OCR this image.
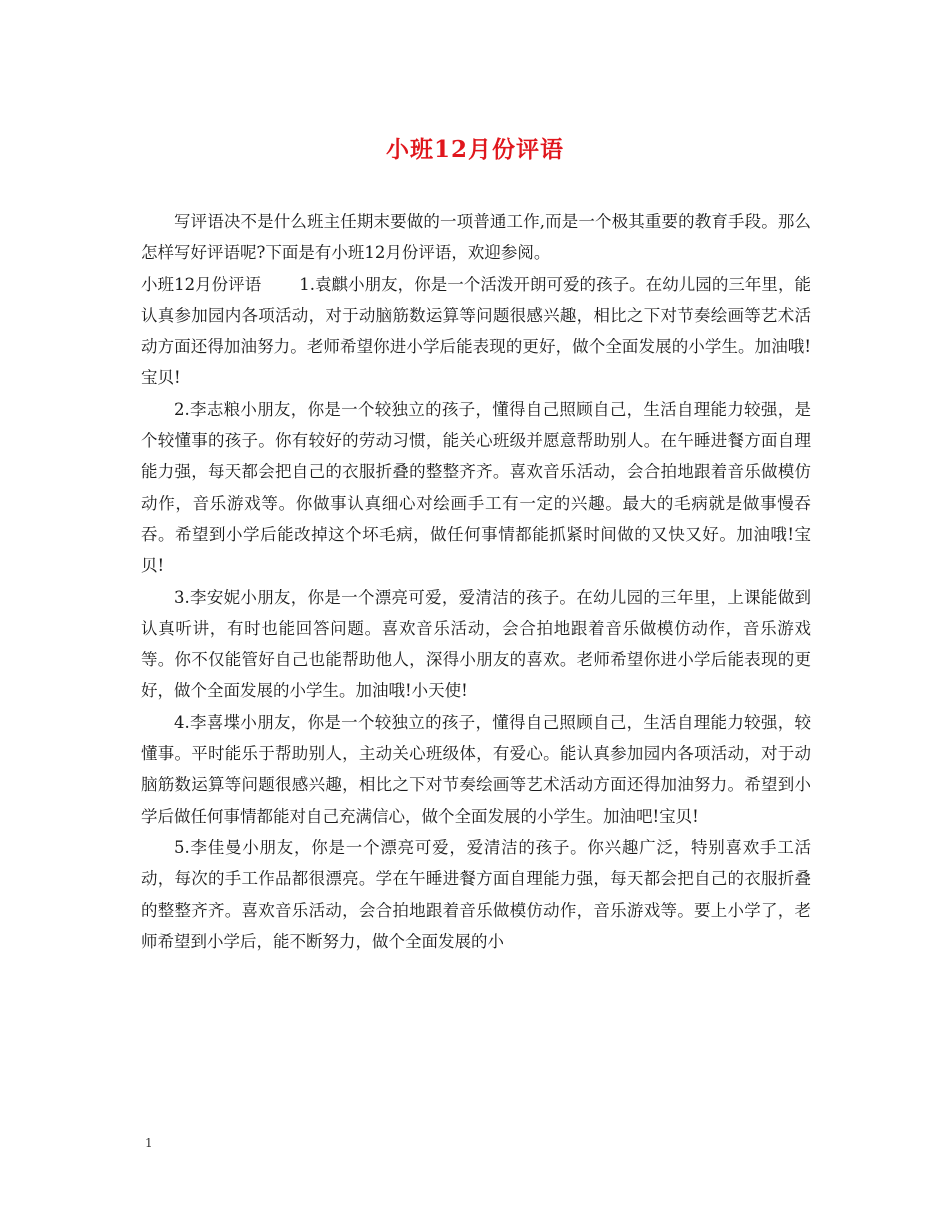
小班12月份评语

写评语决不是什么班主任期末要做的一项普通工作,而是一个极其重要的教育手段。那么怎样写好评语呢?下面是有小班12月份评语，欢迎参阅。

小班12月份评语 1.袁麒小朋友，你是一个活泼开朗可爱的孩子。在幼儿园的三年里，能认真参加园内各项活动，对于动脑筋数运算等问题很感兴趣，相比之下对节奏绘画等艺术活动方面还得加油努力。老师希望你进小学后能表现的更好，做个全面发展的小学生。加油哦!宝贝!

2.李志粮小朋友，你是一个较独立的孩子，懂得自己照顾自己，生活自理能力较强，是个较懂事的孩子。你有较好的劳动习惯，能关心班级并愿意帮助别人。在午睡进餐方面自理能力强，每天都会把自己的衣服折叠的整整齐齐。喜欢音乐活动，会合拍地跟着音乐做模仿动作，音乐游戏等。你做事认真细心对绘画手工有一定的兴趣。最大的毛病就是做事慢吞吞。希望到小学后能改掉这个坏毛病，做任何事情都能抓紧时间做的又快又好。加油哦!宝贝!

3.李安妮小朋友，你是一个漂亮可爱，爱清洁的孩子。在幼儿园的三年里，上课能做到认真听讲，有时也能回答问题。喜欢音乐活动，会合拍地跟着音乐做模仿动作，音乐游戏等。你不仅能管好自己也能帮助他人，深得小朋友的喜欢。老师希望你进小学后能表现的更好，做个全面发展的小学生。加油哦!小天使!

4.李喜堞小朋友，你是一个较独立的孩子，懂得自己照顾自己，生活自理能力较强，较懂事。平时能乐于帮助别人，主动关心班级体，有爱心。能认真参加园内各项活动，对于动脑筋数运算等问题很感兴趣，相比之下对节奏绘画等艺术活动方面还得加油努力。希望到小学后做任何事情都能对自己充满信心，做个全面发展的小学生。加油吧!宝贝!

5.李佳曼小朋友，你是一个漂亮可爱，爱清洁的孩子。你兴趣广泛，特别喜欢手工活动，每次的手工作品都很漂亮。学在午睡进餐方面自理能力强，每天都会把自己的衣服折叠的整整齐齐。喜欢音乐活动，会合拍地跟着音乐做模仿动作，音乐游戏等。要上小学了，老师希望到小学后，能不断努力，做个全面发展的小

1
